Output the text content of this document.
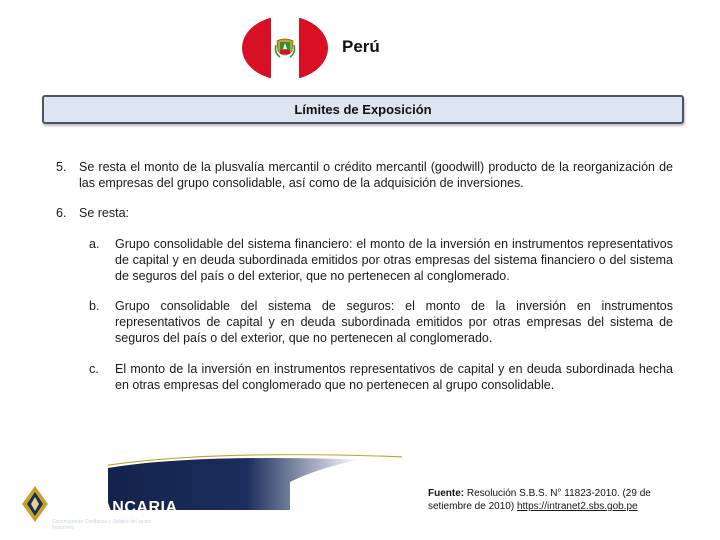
Perú
Límites de Exposición
5. Se resta el monto de la plusvalía mercantil o crédito mercantil (goodwill) producto de la reorganización de las empresas del grupo consolidable, así como de la adquisición de inversiones.
6. Se resta:
a. Grupo consolidable del sistema financiero: el monto de la inversión en instrumentos representativos de capital y en deuda subordinada emitidos por otras empresas del sistema financiero o del sistema de seguros del país o del exterior, que no pertenecen al conglomerado.
b. Grupo consolidable del sistema de seguros: el monto de la inversión en instrumentos representativos de capital y en deuda subordinada emitidos por otras empresas del sistema de seguros del país o del exterior, que no pertenecen al conglomerado.
c. El monto de la inversión en instrumentos representativos de capital y en deuda subordinada hecha en otras empresas del conglomerado que no pertenecen al grupo consolidable.
ASOBANCARIA
Construyendo Confianza y Solidez del sector financiero
Fuente: Resolución S.B.S. N° 11823-2010. (29 de setiembre de 2010) https://intranet2.sbs.gob.pe
